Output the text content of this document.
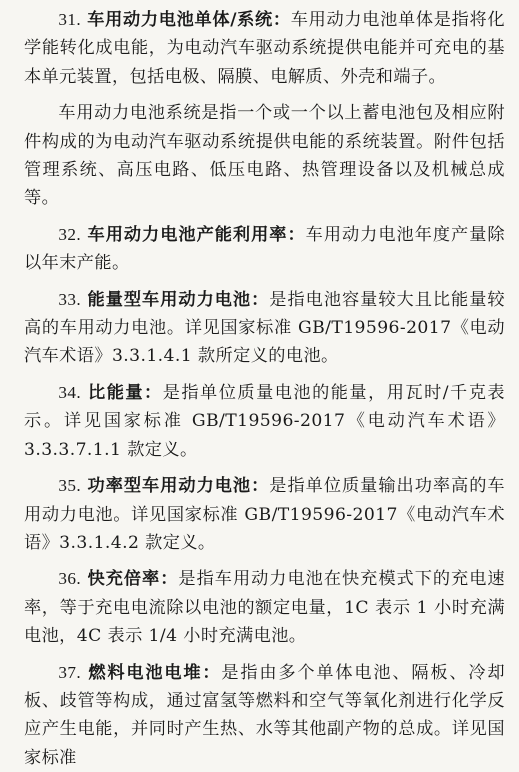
31. 车用动力电池单体/系统：车用动力电池单体是指将化学能转化成电能，为电动汽车驱动系统提供电能并可充电的基本单元装置，包括电极、隔膜、电解质、外壳和端子。

车用动力电池系统是指一个或一个以上蓄电池包及相应附件构成的为电动汽车驱动系统提供电能的系统装置。附件包括管理系统、高压电路、低压电路、热管理设备以及机械总成等。

32. 车用动力电池产能利用率：车用动力电池年度产量除以年末产能。

33. 能量型车用动力电池：是指电池容量较大且比能量较高的车用动力电池。详见国家标准 GB/T19596-2017《电动汽车术语》3.3.1.4.1 款所定义的电池。

34. 比能量：是指单位质量电池的能量，用瓦时/千克表示。详见国家标准 GB/T19596-2017《电动汽车术语》3.3.3.7.1.1 款定义。

35. 功率型车用动力电池：是指单位质量输出功率高的车用动力电池。详见国家标准 GB/T19596-2017《电动汽车术语》3.3.1.4.2 款定义。

36. 快充倍率：是指车用动力电池在快充模式下的充电速率，等于充电电流除以电池的额定电量，1C 表示 1 小时充满电池，4C 表示 1/4 小时充满电池。

37. 燃料电池电堆：是指由多个单体电池、隔板、冷却板、歧管等构成，通过富氢等燃料和空气等氧化剂进行化学反应产生电能，并同时产生热、水等其他副产物的总成。详见国家标准
